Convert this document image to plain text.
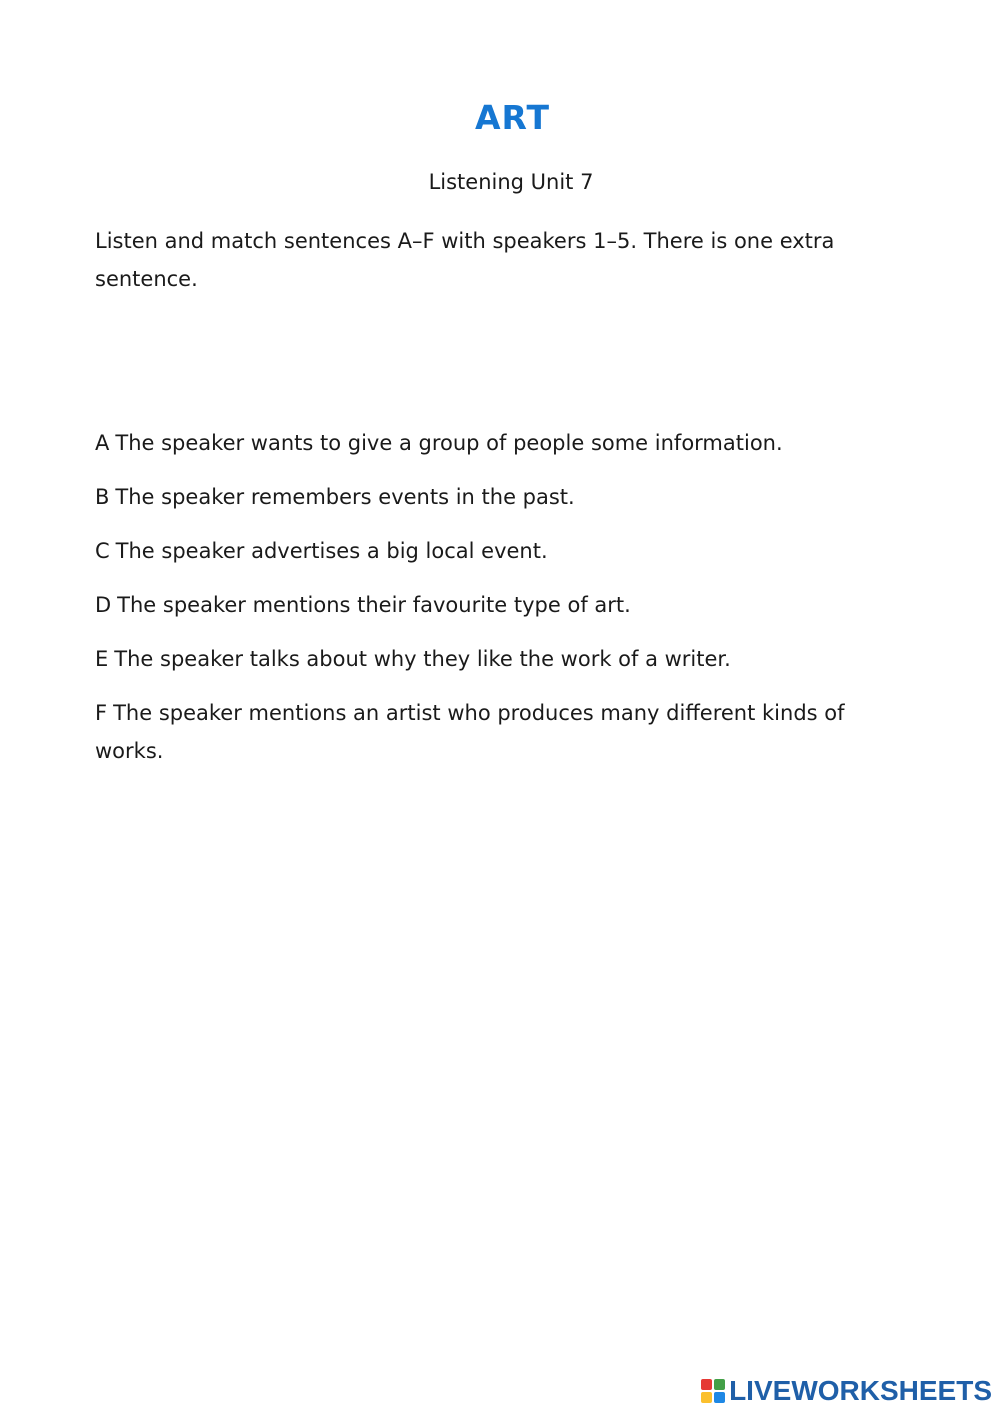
ART
Listening Unit 7

Listen and match sentences A–F with speakers 1–5. There is one extra sentence.

A The speaker wants to give a group of people some information.
B The speaker remembers events in the past.
C The speaker advertises a big local event.
D The speaker mentions their favourite type of art.
E The speaker talks about why they like the work of a writer.
F The speaker mentions an artist who produces many different kinds of works.
LIVEWORKSHEETS
